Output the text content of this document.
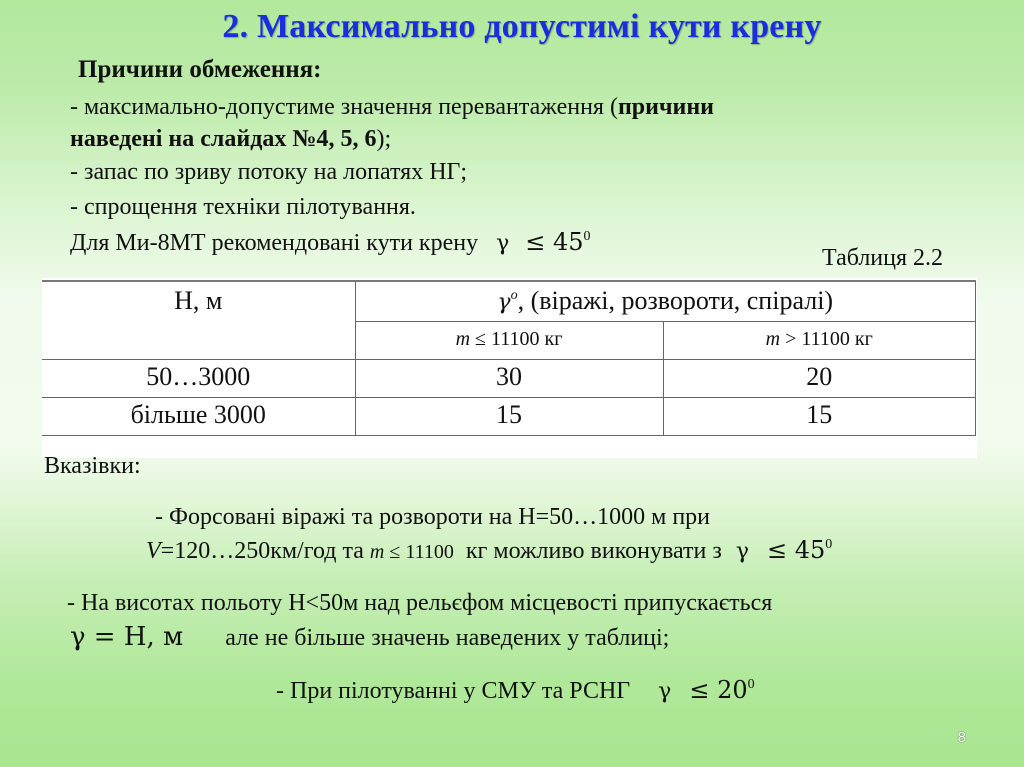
2. Максимально допустимі кути крену
Причини обмеження:
- максимально-допустиме значення перевантаження (причини
наведені на слайдах №4, 5, 6);
- запас по зриву потоку на лопатях НГ;
- спрощення техніки пілотування.
Для Ми-8МТ рекомендовані кути крену $\gamma \le 45^0$
Таблиця 2.2
Н, м	$\gamma^o$, (віражі, розвороти, спіралі)	
	m ≤ 11100 кг	m > 11100 кг
50…3000	30	20
більше 3000	15	15
Вказівки:
- Форсовані віражі та розвороти на Н=50…1000 м при
V=120…250км/год та m ≤ 11100  кг можливо виконувати з $\gamma \le 45^0$
- На висотах польоту Н<50м над рельєфом місцевості припускається
γ = Н, м але не більше значень наведених у таблиці;
- При пілотуванні у СМУ та РСНГ $\gamma \le 20^0$
8
